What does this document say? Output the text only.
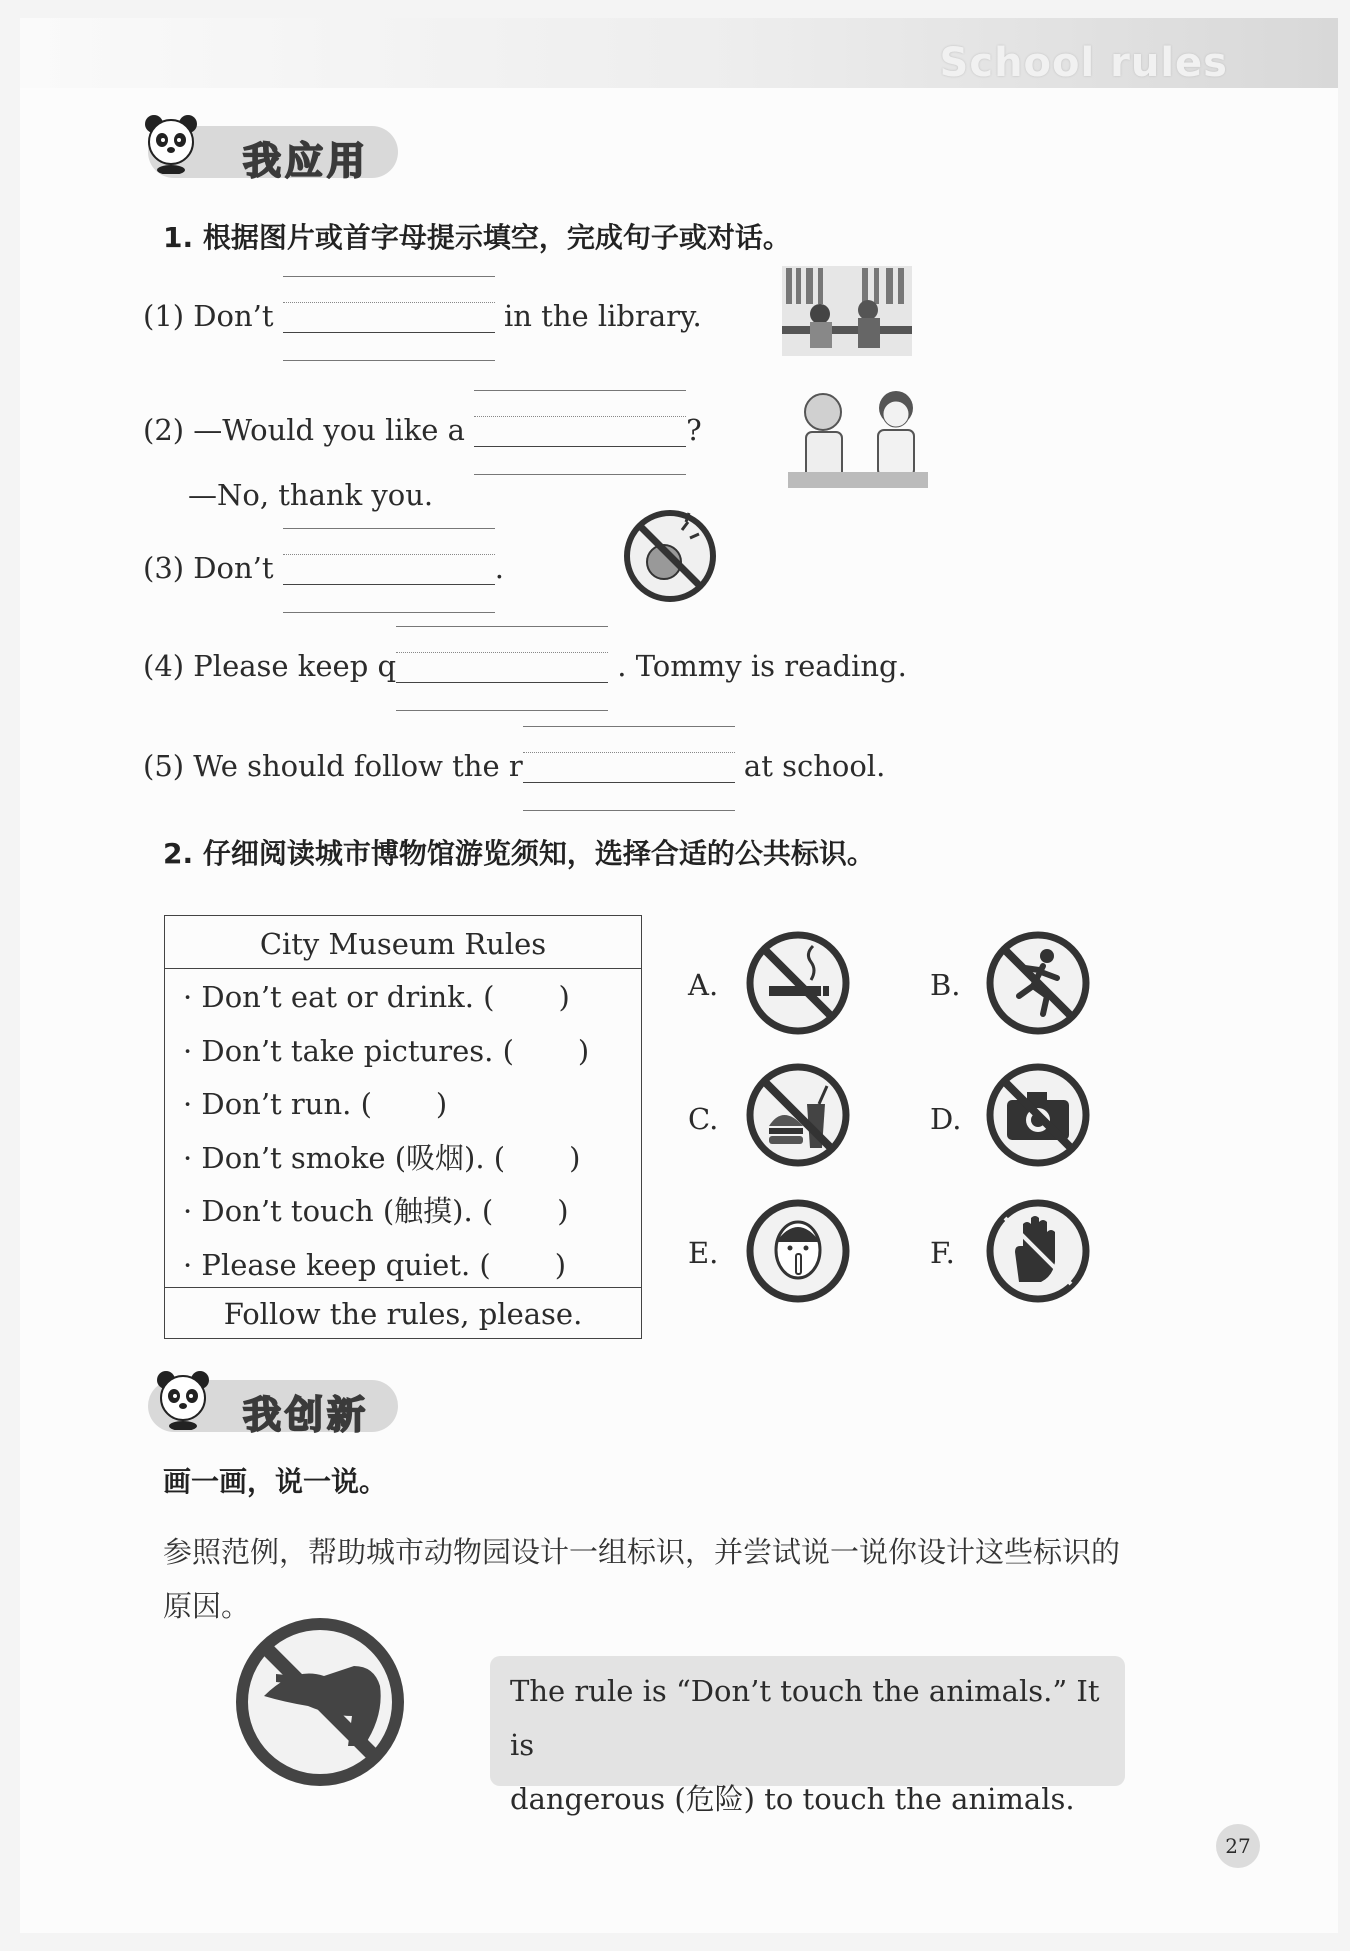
School rules
我应用
1. 根据图片或首字母提示填空，完成句子或对话。
(1) Don’t	in the library.
(2) —Would you like a	?
—No, thank you.
(3) Don’t	.
(4) Please keep q	. Tommy is reading.
(5) We should follow the r	at school.
2. 仔细阅读城市博物馆游览须知，选择合适的公共标识。
City Museum Rules
· Don’t eat or drink. ( )
· Don’t take pictures. ( )
· Don’t run. ( )
· Don’t smoke (吸烟). ( )
· Don’t touch (触摸). ( )
· Please keep quiet. ( )
Follow the rules, please.
A.	B.
C.	D.
E.	F.
我创新
画一画，说一说。
参照范例，帮助城市动物园设计一组标识，并尝试说一说你设计这些标识的
原因。
The rule is “Don’t touch the animals.” It is
dangerous (危险) to touch the animals.
27
